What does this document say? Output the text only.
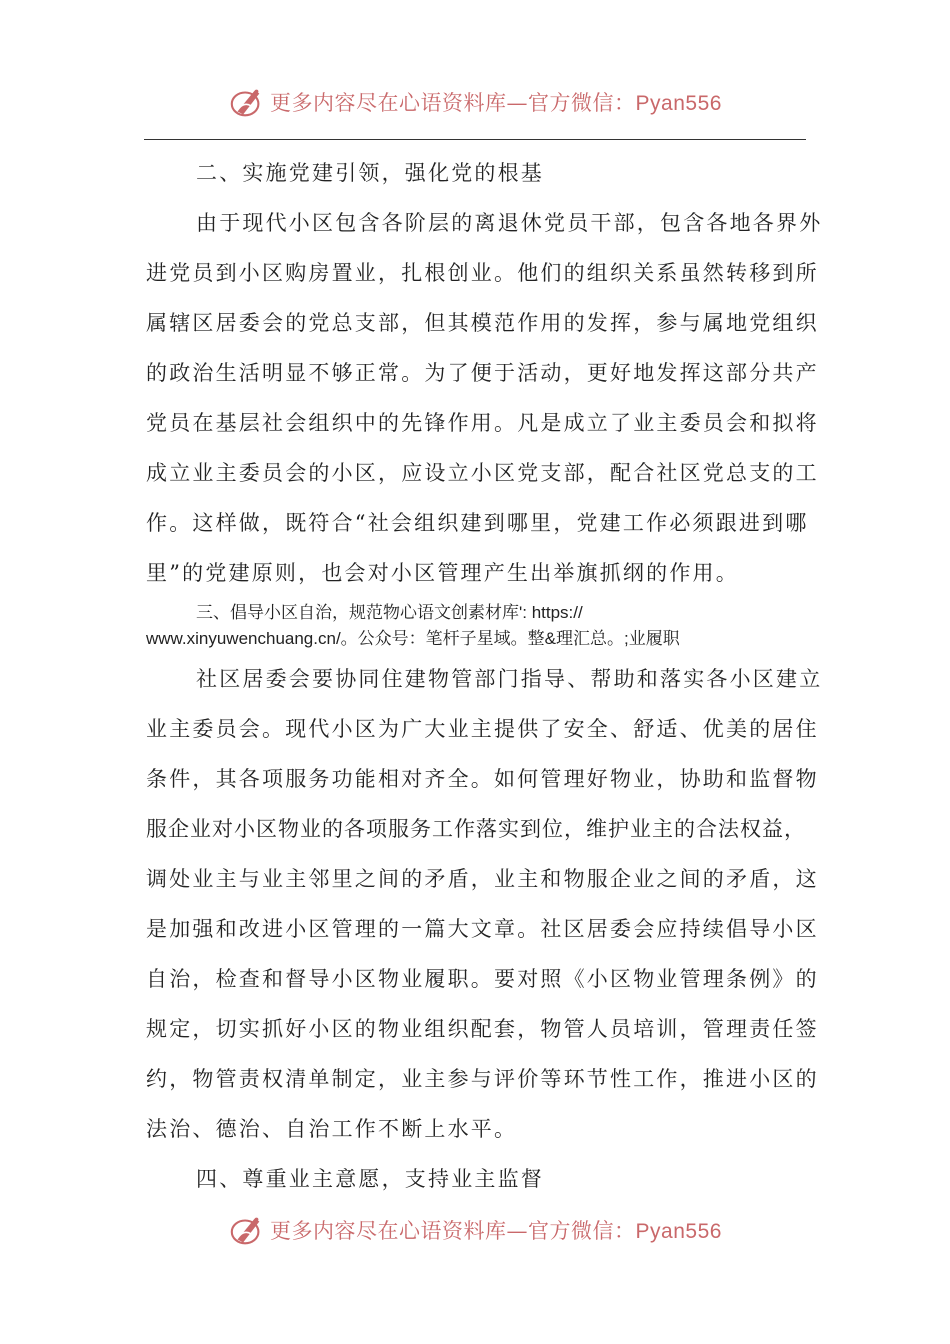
更多内容尽在心语资料库—官方微信：Pyan556
二、实施党建引领，强化党的根基
由于现代小区包含各阶层的离退休党员干部，包含各地各界外
进党员到小区购房置业，扎根创业。他们的组织关系虽然转移到所
属辖区居委会的党总支部，但其模范作用的发挥，参与属地党组织
的政治生活明显不够正常。为了便于活动，更好地发挥这部分共产
党员在基层社会组织中的先锋作用。凡是成立了业主委员会和拟将
成立业主委员会的小区，应设立小区党支部，配合社区党总支的工
作。这样做，既符合“社会组织建到哪里，党建工作必须跟进到哪
里”的党建原则，也会对小区管理产生出举旗抓纲的作用。
三、倡导小区自治，规范物心语文创素材库': https://
www.xinyuwenchuang.cn/。公众号：笔杆子星域。整&理汇总。;业履职
社区居委会要协同住建物管部门指导、帮助和落实各小区建立
业主委员会。现代小区为广大业主提供了安全、舒适、优美的居住
条件，其各项服务功能相对齐全。如何管理好物业，协助和监督物
服企业对小区物业的各项服务工作落实到位，维护业主的合法权益，
调处业主与业主邻里之间的矛盾，业主和物服企业之间的矛盾，这
是加强和改进小区管理的一篇大文章。社区居委会应持续倡导小区
自治，检查和督导小区物业履职。要对照《小区物业管理条例》的
规定，切实抓好小区的物业组织配套，物管人员培训，管理责任签
约，物管责权清单制定，业主参与评价等环节性工作，推进小区的
法治、德治、自治工作不断上水平。
四、尊重业主意愿，支持业主监督
更多内容尽在心语资料库—官方微信：Pyan556
